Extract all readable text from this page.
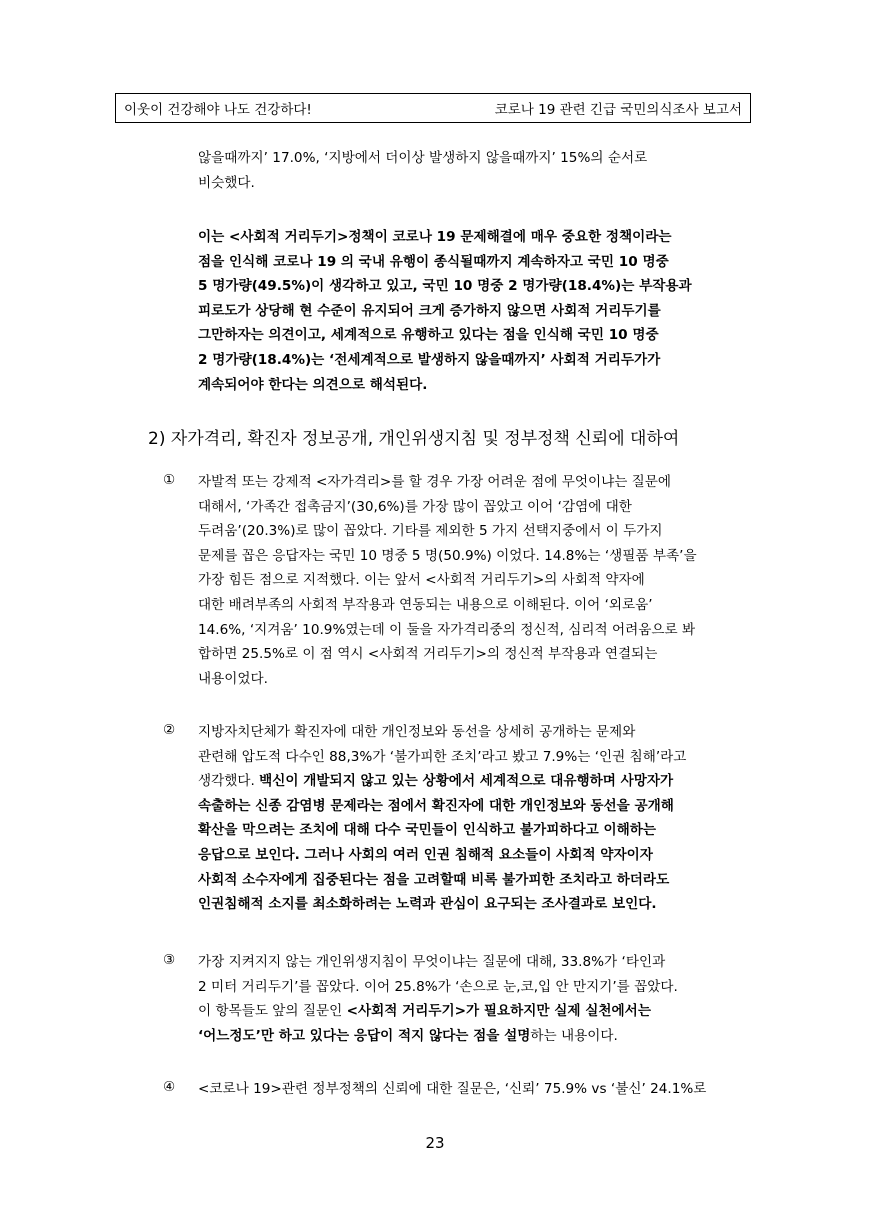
이웃이 건강해야 나도 건강하다!	코로나 19 관련 긴급 국민의식조사 보고서

않을때까지’ 17.0%, ‘지방에서 더이상 발생하지 않을때까지’ 15%의 순서로

비슷했다.

이는 <사회적 거리두기>정책이 코로나 19 문제해결에 매우 중요한 정책이라는

점을 인식해 코로나 19 의 국내 유행이 종식될때까지 계속하자고 국민 10 명중

5 명가량(49.5%)이 생각하고 있고, 국민 10 명중 2 명가량(18.4%)는 부작용과

피로도가 상당해 현 수준이 유지되어 크게 증가하지 않으면 사회적 거리두기를

그만하자는 의견이고, 세계적으로 유행하고 있다는 점을 인식해 국민 10 명중

2 명가량(18.4%)는 ‘전세계적으로 발생하지 않을때까지’ 사회적 거리두가가

계속되어야 한다는 의견으로 해석된다.

2) 자가격리, 확진자 정보공개, 개인위생지침 및 정부정책 신뢰에 대하여
① 자발적 또는 강제적 <자가격리>를 할 경우 가장 어려운 점에 무엇이냐는 질문에

대해서, ‘가족간 접촉금지’(30,6%)를 가장 많이 꼽았고 이어 ‘감염에 대한

두려움’(20.3%)로 많이 꼽았다. 기타를 제외한 5 가지 선택지중에서 이 두가지

문제를 꼽은 응답자는 국민 10 명중 5 명(50.9%) 이었다. 14.8%는 ‘생필품 부족’을

가장 힘든 점으로 지적했다. 이는 앞서 <사회적 거리두기>의 사회적 약자에

대한 배려부족의 사회적 부작용과 연동되는 내용으로 이해된다. 이어 ‘외로움’

14.6%, ‘지겨움’ 10.9%였는데 이 둘을 자가격리중의 정신적, 심리적 어려움으로 봐

합하면 25.5%로 이 점 역시 <사회적 거리두기>의 정신적 부작용과 연결되는

내용이었다.

② 지방자치단체가 확진자에 대한 개인정보와 동선을 상세히 공개하는 문제와

관련해 압도적 다수인 88,3%가 ‘불가피한 조치’라고 봤고 7.9%는 ‘인권 침해’라고

생각했다. 백신이 개발되지 않고 있는 상황에서 세계적으로 대유행하며 사망자가

속출하는 신종 감염병 문제라는 점에서 확진자에 대한 개인정보와 동선을 공개해

확산을 막으려는 조치에 대해 다수 국민들이 인식하고 불가피하다고 이해하는

응답으로 보인다. 그러나 사회의 여러 인권 침해적 요소들이 사회적 약자이자

사회적 소수자에게 집중된다는 점을 고려할때 비록 불가피한 조치라고 하더라도

인권침해적 소지를 최소화하려는 노력과 관심이 요구되는 조사결과로 보인다.

③ 가장 지켜지지 않는 개인위생지침이 무엇이냐는 질문에 대해, 33.8%가 ‘타인과

2 미터 거리두기’를 꼽았다. 이어 25.8%가 ‘손으로 눈,코,입 안 만지기’를 꼽았다.

이 항목들도 앞의 질문인 <사회적 거리두기>가 필요하지만 실제 실천에서는

‘어느정도’만 하고 있다는 응답이 적지 않다는 점을 설명하는 내용이다.

④ <코로나 19>관련 정부정책의 신뢰에 대한 질문은, ‘신뢰’ 75.9% vs ‘불신’ 24.1%로

23
